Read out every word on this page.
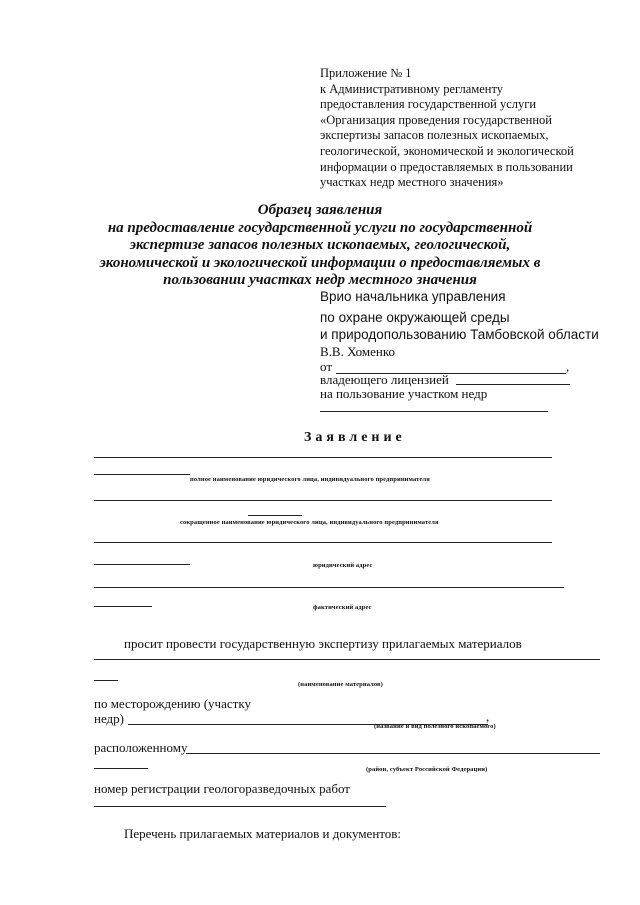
Приложение № 1
к Административному регламенту
предоставления государственной услуги
«Организация проведения государственной
экспертизы запасов полезных ископаемых,
геологической, экономической и экологической
информации о предоставляемых в пользовании
участках недр местного значения»
Образец заявления
на предоставление государственной услуги по государственной
экспертизе запасов полезных ископаемых, геологической,
экономической и экологической информации о предоставляемых в
пользовании участках недр местного значения
Врио начальника управления
по охране окружающей среды
и природопользованию Тамбовской области
В.В. Хоменко
от	,
владеющего лицензией
на пользование участком недр
Заявление
полное наименование юридического лица, индивидуального предпринимателя
сокращенное наименование юридического лица, индивидуального предпринимателя
юридический адрес
фактический адрес
просит провести государственную экспертизу прилагаемых материалов
(наименование материалов)
по месторождению (участку
недр)	,
(название и вид полезного ископаемого)
расположенному
(район, субъект Российской Федерации)
номер регистрации геологоразведочных работ
Перечень прилагаемых материалов и документов:
